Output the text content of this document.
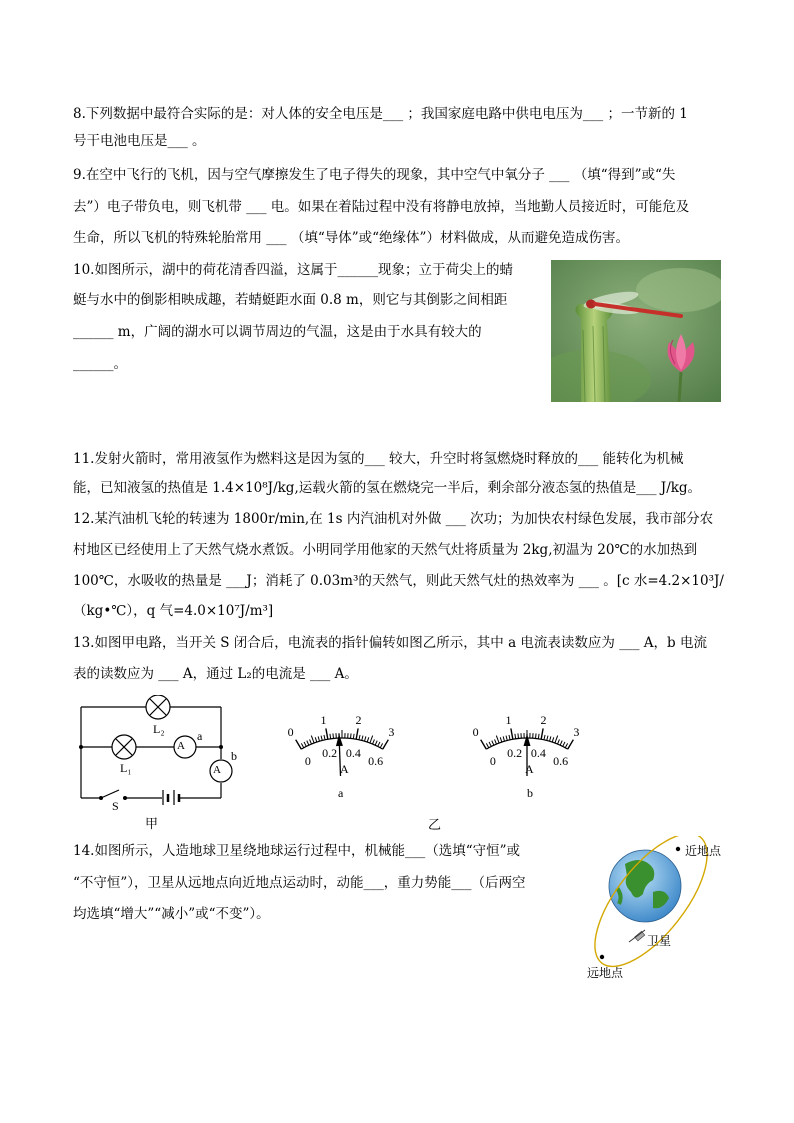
8.下列数据中最符合实际的是：对人体的安全电压是___ ；我国家庭电路中供电电压为___ ；一节新的 1
号干电池电压是___ 。
9.在空中飞行的飞机，因与空气摩擦发生了电子得失的现象，其中空气中氧分子 ___ （填“得到”或“失
去”）电子带负电，则飞机带 ___ 电。如果在着陆过程中没有将静电放掉，当地勤人员接近时，可能危及
生命，所以飞机的特殊轮胎常用 ___ （填“导体”或“绝缘体”）材料做成，从而避免造成伤害。
10.如图所示，湖中的荷花清香四溢，这属于______现象；立于荷尖上的蜻
蜓与水中的倒影相映成趣，若蜻蜓距水面 0.8 m，则它与其倒影之间相距
______ m，广阔的湖水可以调节周边的气温，这是由于水具有较大的
______。
11.发射火箭时，常用液氢作为燃料这是因为氢的___ 较大，升空时将氢燃烧时释放的___ 能转化为机械
能，已知液氢的热值是 1.4×10⁸J/kg,运载火箭的氢在燃烧完一半后，剩余部分液态氢的热值是___ J/kg。
12.某汽油机飞轮的转速为 1800r/min,在 1s 内汽油机对外做 ___ 次功；为加快农村绿色发展，我市部分农
村地区已经使用上了天然气烧水煮饭。小明同学用他家的天然气灶将质量为 2kg,初温为 20℃的水加热到
100℃，水吸收的热量是 ___J；消耗了 0.03m³的天然气，则此天然气灶的热效率为 ___ 。[c 水=4.2×10³J/
（kg•℃），q 气=4.0×10⁷J/m³]
13.如图甲电路，当开关 S 闭合后，电流表的指针偏转如图乙所示，其中 a 电流表读数应为 ___ A，b 电流
表的读数应为 ___ A，通过 L₂的电流是 ___ A。
A
A
L₂
L₁
a
b
S
甲
0
1 2
3
0
0.2 0.4
0.6
A
a
0
1 2
3
0
0.2 0.4
0.6
A
b
乙
14.如图所示，人造地球卫星绕地球运行过程中，机械能___（选填“守恒”或
“不守恒”），卫星从远地点向近地点运动时，动能___，重力势能___（后两空
均选填“增大”“减小”或“不变”）。
近地点
卫星
远地点
